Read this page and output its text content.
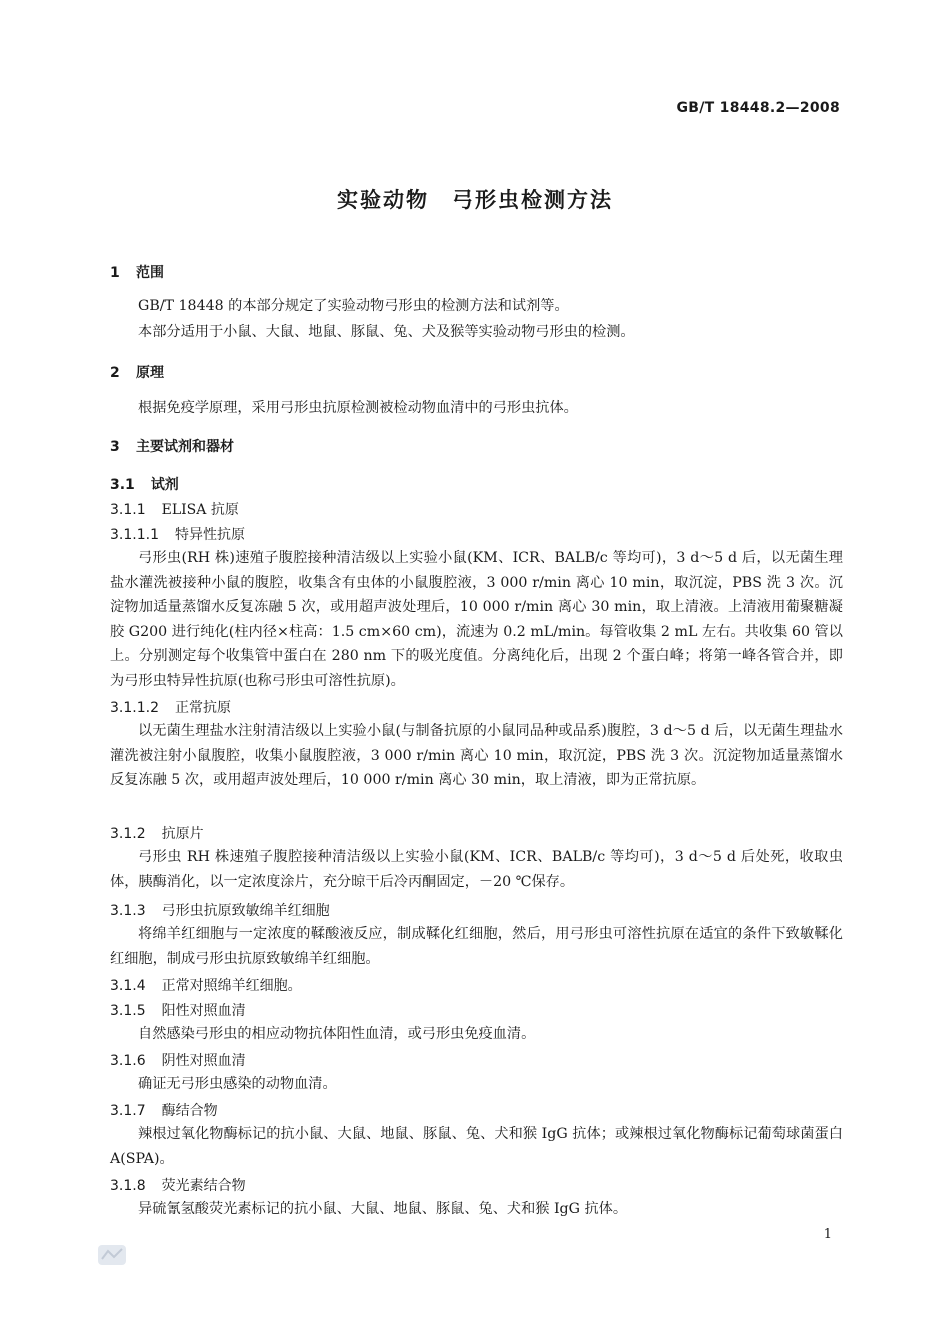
GB/T 18448.2—2008
实验动物　弓形虫检测方法
1 范围
GB/T 18448 的本部分规定了实验动物弓形虫的检测方法和试剂等。
本部分适用于小鼠、大鼠、地鼠、豚鼠、兔、犬及猴等实验动物弓形虫的检测。
2 原理
根据免疫学原理，采用弓形虫抗原检测被检动物血清中的弓形虫抗体。
3 主要试剂和器材
3.1 试剂
3.1.1 ELISA 抗原
3.1.1.1 特异性抗原
弓形虫(RH 株)速殖子腹腔接种清洁级以上实验小鼠(KM、ICR、BALB/c 等均可)，3 d～5 d 后，以无菌生理盐水灌洗被接种小鼠的腹腔，收集含有虫体的小鼠腹腔液，3 000 r/min 离心 10 min，取沉淀，PBS 洗 3 次。沉淀物加适量蒸馏水反复冻融 5 次，或用超声波处理后，10 000 r/min 离心 30 min，取上清液。上清液用葡聚糖凝胶 G200 进行纯化(柱内径×柱高：1.5 cm×60 cm)，流速为 0.2 mL/min。每管收集 2 mL 左右。共收集 60 管以上。分别测定每个收集管中蛋白在 280 nm 下的吸光度值。分离纯化后，出现 2 个蛋白峰；将第一峰各管合并，即为弓形虫特异性抗原(也称弓形虫可溶性抗原)。
3.1.1.2 正常抗原
以无菌生理盐水注射清洁级以上实验小鼠(与制备抗原的小鼠同品种或品系)腹腔，3 d～5 d 后，以无菌生理盐水灌洗被注射小鼠腹腔，收集小鼠腹腔液，3 000 r/min 离心 10 min，取沉淀，PBS 洗 3 次。沉淀物加适量蒸馏水反复冻融 5 次，或用超声波处理后，10 000 r/min 离心 30 min，取上清液，即为正常抗原。
3.1.2 抗原片
弓形虫 RH 株速殖子腹腔接种清洁级以上实验小鼠(KM、ICR、BALB/c 等均可)，3 d～5 d 后处死，收取虫体，胰酶消化，以一定浓度涂片，充分晾干后冷丙酮固定，－20 ℃保存。
3.1.3 弓形虫抗原致敏绵羊红细胞
将绵羊红细胞与一定浓度的鞣酸液反应，制成鞣化红细胞，然后，用弓形虫可溶性抗原在适宜的条件下致敏鞣化红细胞，制成弓形虫抗原致敏绵羊红细胞。
3.1.4 正常对照绵羊红细胞。
3.1.5 阳性对照血清
自然感染弓形虫的相应动物抗体阳性血清，或弓形虫免疫血清。
3.1.6 阴性对照血清
确证无弓形虫感染的动物血清。
3.1.7 酶结合物
辣根过氧化物酶标记的抗小鼠、大鼠、地鼠、豚鼠、兔、犬和猴 IgG 抗体；或辣根过氧化物酶标记葡萄球菌蛋白 A(SPA)。
3.1.8 荧光素结合物
异硫氰氢酸荧光素标记的抗小鼠、大鼠、地鼠、豚鼠、兔、犬和猴 IgG 抗体。
1
